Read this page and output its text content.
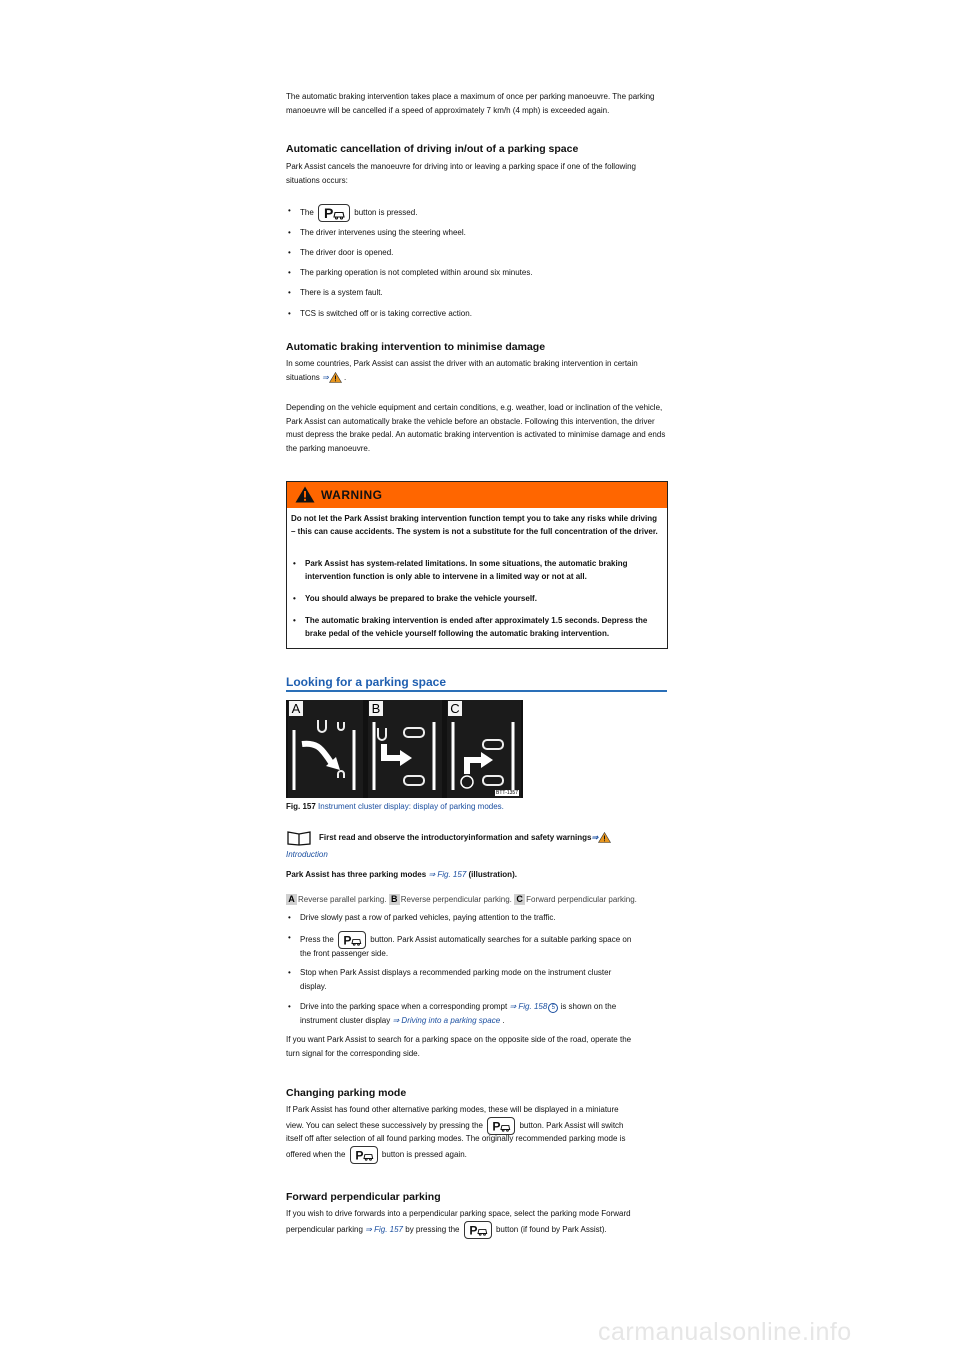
The automatic braking intervention takes place a maximum of once per parking manoeuvre. The parking manoeuvre will be cancelled if a speed of approximately 7 km/h (4 mph) is exceeded again.

Automatic cancellation of driving in/out of a parking space

Park Assist cancels the manoeuvre for driving into or leaving a parking space if one of the following situations occurs:

• The P	button is pressed.
• The driver intervenes using the steering wheel.
• The driver door is opened.
• The parking operation is not completed within around six minutes.
• There is a system fault.
• TCS is switched off or is taking corrective action.
Automatic braking intervention to minimise damage

In some countries, Park Assist can assist the driver with an automatic braking intervention in certain
situations ⇒ .

Depending on the vehicle equipment and certain conditions, e.g. weather, load or inclination of the vehicle, Park Assist can automatically brake the vehicle before an obstacle. Following this intervention, the driver must depress the brake pedal. An automatic braking intervention is activated to minimise damage and ends the parking manoeuvre.

WARNING
Do not let the Park Assist braking intervention function tempt you to take any risks while driving – this can cause accidents. The system is not a substitute for the full concentration of the driver.
• Park Assist has system-related limitations. In some situations, the automatic braking intervention function is only able to intervene in a limited way or not at all.
• You should always be prepared to brake the vehicle yourself.
• The automatic braking intervention is ended after approximately 1.5 seconds. Depress the brake pedal of the vehicle yourself following the automatic braking intervention.
Looking for a parking space
A	B	C
BTT-1357

Fig. 157 Instrument cluster display: display of parking modes.

First read and observe the introductoryinformation and safety warnings⇒

Introduction

Park Assist has three parking modes ⇒ Fig. 157 (illustration).

A Reverse parallel parking. B Reverse perpendicular parking. C Forward perpendicular parking.

• Drive slowly past a row of parked vehicles, paying attention to the traffic.
• Press the P button. Park Assist automatically searches for a suitable parking space on
the front passenger side.
• Stop when Park Assist displays a recommended parking mode on the instrument cluster
display.
• Drive into the parking space when a corresponding prompt ⇒ Fig. 158 5 is shown on the
instrument cluster display ⇒ Driving into a parking space .

If you want Park Assist to search for a parking space on the opposite side of the road, operate the
turn signal for the corresponding side.

Changing parking mode

If Park Assist has found other alternative parking modes, these will be displayed in a miniature

view. You can select these successively by pressing the P button. Park Assist will switch

itself off after selection of all found parking modes. The originally recommended parking mode is

offered when the P button is pressed again.

Forward perpendicular parking

If you wish to drive forwards into a perpendicular parking space, select the parking mode Forward

perpendicular parking ⇒ Fig. 157 by pressing the P button (if found by Park Assist).

carmanualsonline.info
